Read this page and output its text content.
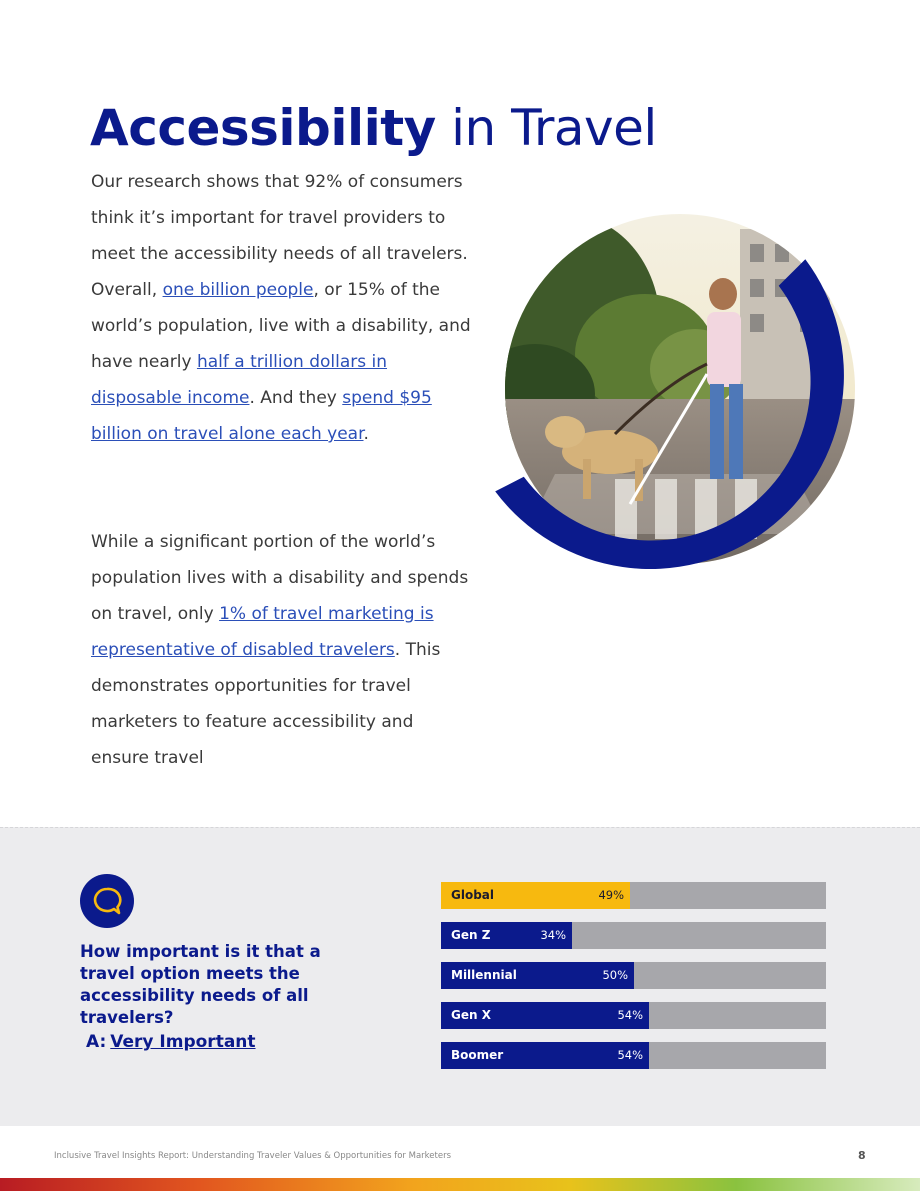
Accessibility in Travel
Our research shows that 92% of consumers think it’s important for travel providers to meet the accessibility needs of all travelers. Overall, one billion people, or 15% of the world’s population, live with a disability, and have nearly half a trillion dollars in disposable income. And they spend $95 billion on travel alone each year.
While a significant portion of the world’s population lives with a disability and spends on travel, only 1% of travel marketing is representative of disabled travelers. This demonstrates opportunities for travel marketers to feature accessibility and ensure travel

How important is it that a travel option meets the accessibility needs of all travelers?

A: Very Important
Global	49%
Gen Z	34%
Millennial	50%
Gen X	54%
Boomer	54%
Inclusive Travel Insights Report: Understanding Traveler Values & Opportunities for Marketers	8
